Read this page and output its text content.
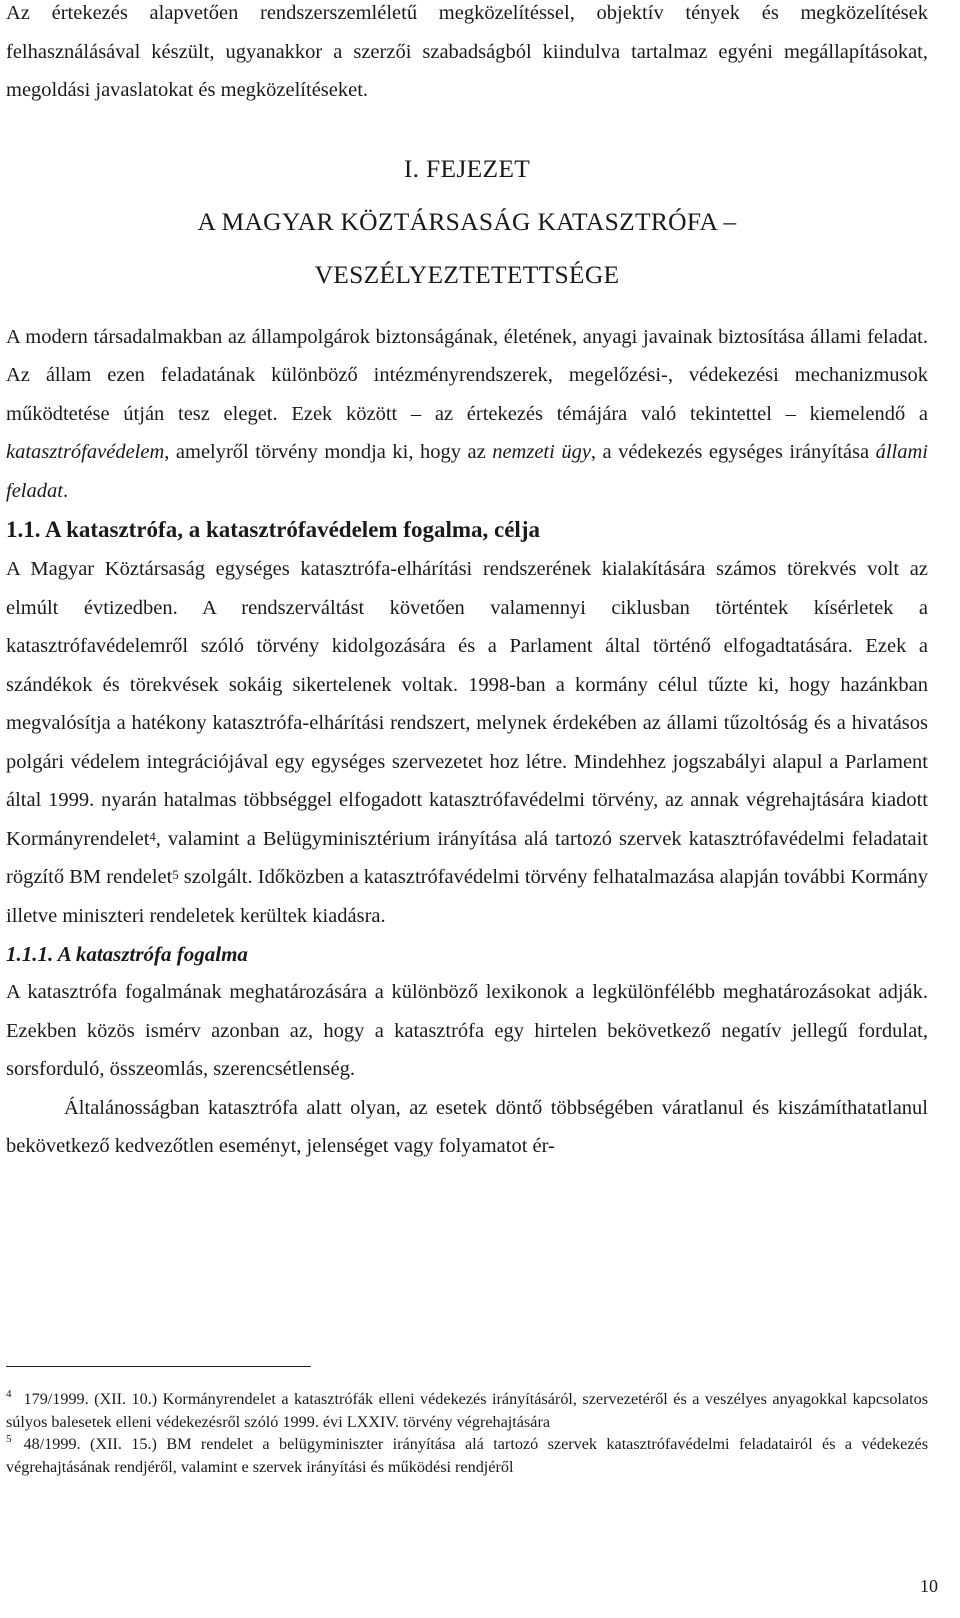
Az értekezés alapvetően rendszerszemléletű megközelítéssel, objektív tények és megközelítések felhasználásával készült, ugyanakkor a szerzői szabadságból kiindulva tartalmaz egyéni megállapításokat, megoldási javaslatokat és megközelítéseket.

I. FEJEZET
A MAGYAR KÖZTÁRSASÁG KATASZTRÓFA –
VESZÉLYEZTETETTSÉGE

A modern társadalmakban az állampolgárok biztonságának, életének, anyagi javainak biztosítása állami feladat. Az állam ezen feladatának különböző intézményrendszerek, megelőzési-, védekezési mechanizmusok működtetése útján tesz eleget. Ezek között – az értekezés témájára való tekintettel – kiemelendő a katasztrófavédelem, amelyről törvény mondja ki, hogy az nemzeti ügy, a védekezés egységes irányítása állami feladat.

1.1. A katasztrófa, a katasztrófavédelem fogalma, célja

A Magyar Köztársaság egységes katasztrófa-elhárítási rendszerének kialakítására számos törekvés volt az elmúlt évtizedben. A rendszerváltást követően valamennyi ciklusban történtek kísérletek a katasztrófavédelemről szóló törvény kidolgozására és a Parlament által történő elfogadtatására. Ezek a szándékok és törekvések sokáig sikertelenek voltak. 1998-ban a kormány célul tűzte ki, hogy hazánkban megvalósítja a hatékony katasztrófa-elhárítási rendszert, melynek érdekében az állami tűzoltóság és a hivatásos polgári védelem integrációjával egy egységes szervezetet hoz létre. Mindehhez jogszabályi alapul a Parlament által 1999. nyarán hatalmas többséggel elfogadott katasztrófavédelmi törvény, az annak végrehajtására kiadott Kormányrendelet$^4$, valamint a Belügyminisztérium irányítása alá tartozó szervek katasztrófavédelmi feladatait rögzítő BM rendelet$^5$ szolgált. Időközben a katasztrófavédelmi törvény felhatalmazása alapján további Kormány illetve miniszteri rendeletek kerültek kiadásra.

1.1.1. A katasztrófa fogalma

A katasztrófa fogalmának meghatározására a különböző lexikonok a legkülönfélébb meghatározásokat adják. Ezekben közös ismérv azonban az, hogy a katasztrófa egy hirtelen bekövetkező negatív jellegű fordulat, sorsforduló, összeomlás, szerencsétlenség.

Általánosságban katasztrófa alatt olyan, az esetek döntő többségében váratlanul és kiszámíthatatlanul bekövetkező kedvezőtlen eseményt, jelenséget vagy folyamatot ér-

$^4$ 179/1999. (XII. 10.) Kormányrendelet a katasztrófák elleni védekezés irányításáról, szervezetéről és a veszélyes anyagokkal kapcsolatos súlyos balesetek elleni védekezésről szóló 1999. évi LXXIV. törvény végrehajtására

$^5$ 48/1999. (XII. 15.) BM rendelet a belügyminiszter irányítása alá tartozó szervek katasztrófavédelmi feladatairól és a védekezés végrehajtásának rendjéről, valamint e szervek irányítási és működési rendjéről

10
